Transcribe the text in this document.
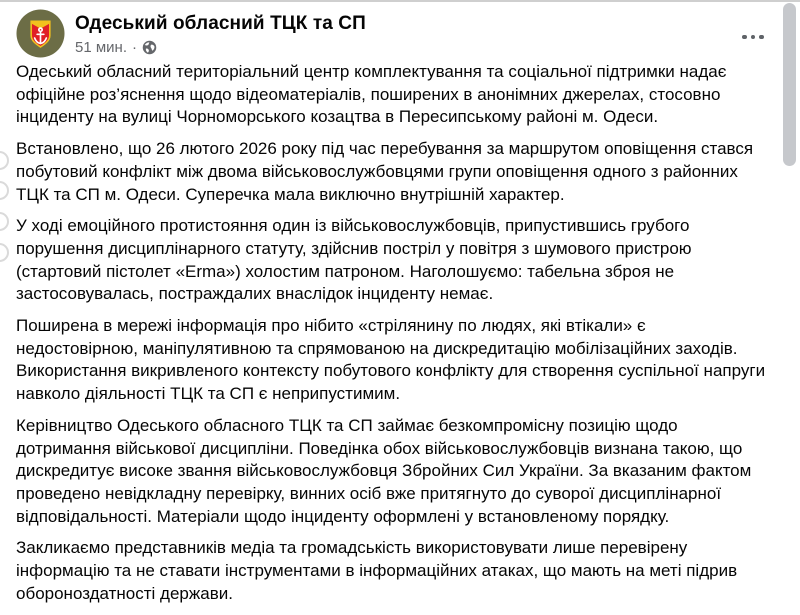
Одеський обласний ТЦК та СП
51 мин. ·

Одеський обласний територіальний центр комплектування та соціальної підтримки надає офіційне роз’яснення щодо відеоматеріалів, поширених в анонімних джерелах, стосовно інциденту на вулиці Чорноморського козацтва в Пересипському районі м. Одеси.

Встановлено, що 26 лютого 2026 року під час перебування за маршрутом оповіщення стався побутовий конфлікт між двома військовослужбовцями групи оповіщення одного з районних ТЦК та СП м. Одеси. Суперечка мала виключно внутрішній характер.

У ході емоційного протистояння один із військовослужбовців, припустившись грубого порушення дисциплінарного статуту, здійснив постріл у повітря з шумового пристрою (стартовий пістолет «Erma») холостим патроном. Наголошуємо: табельна зброя не застосовувалась, постраждалих внаслідок інциденту немає.

Поширена в мережі інформація про нібито «стрілянину по людях, які втікали» є недостовірною, маніпулятивною та спрямованою на дискредитацію мобілізаційних заходів. Використання викривленого контексту побутового конфлікту для створення суспільної напруги навколо діяльності ТЦК та СП є неприпустимим.

Керівництво Одеського обласного ТЦК та СП займає безкомпромісну позицію щодо дотримання військової дисципліни. Поведінка обох військовослужбовців визнана такою, що дискредитує високе звання військовослужбовця Збройних Сил України. За вказаним фактом проведено невідкладну перевірку, винних осіб вже притягнуто до суворої дисциплінарної відповідальності. Матеріали щодо інциденту оформлені у встановленому порядку.

Закликаємо представників медіа та громадськість використовувати лише перевірену інформацію та не ставати інструментами в інформаційних атаках, що мають на меті підрив обороноздатності держави.
